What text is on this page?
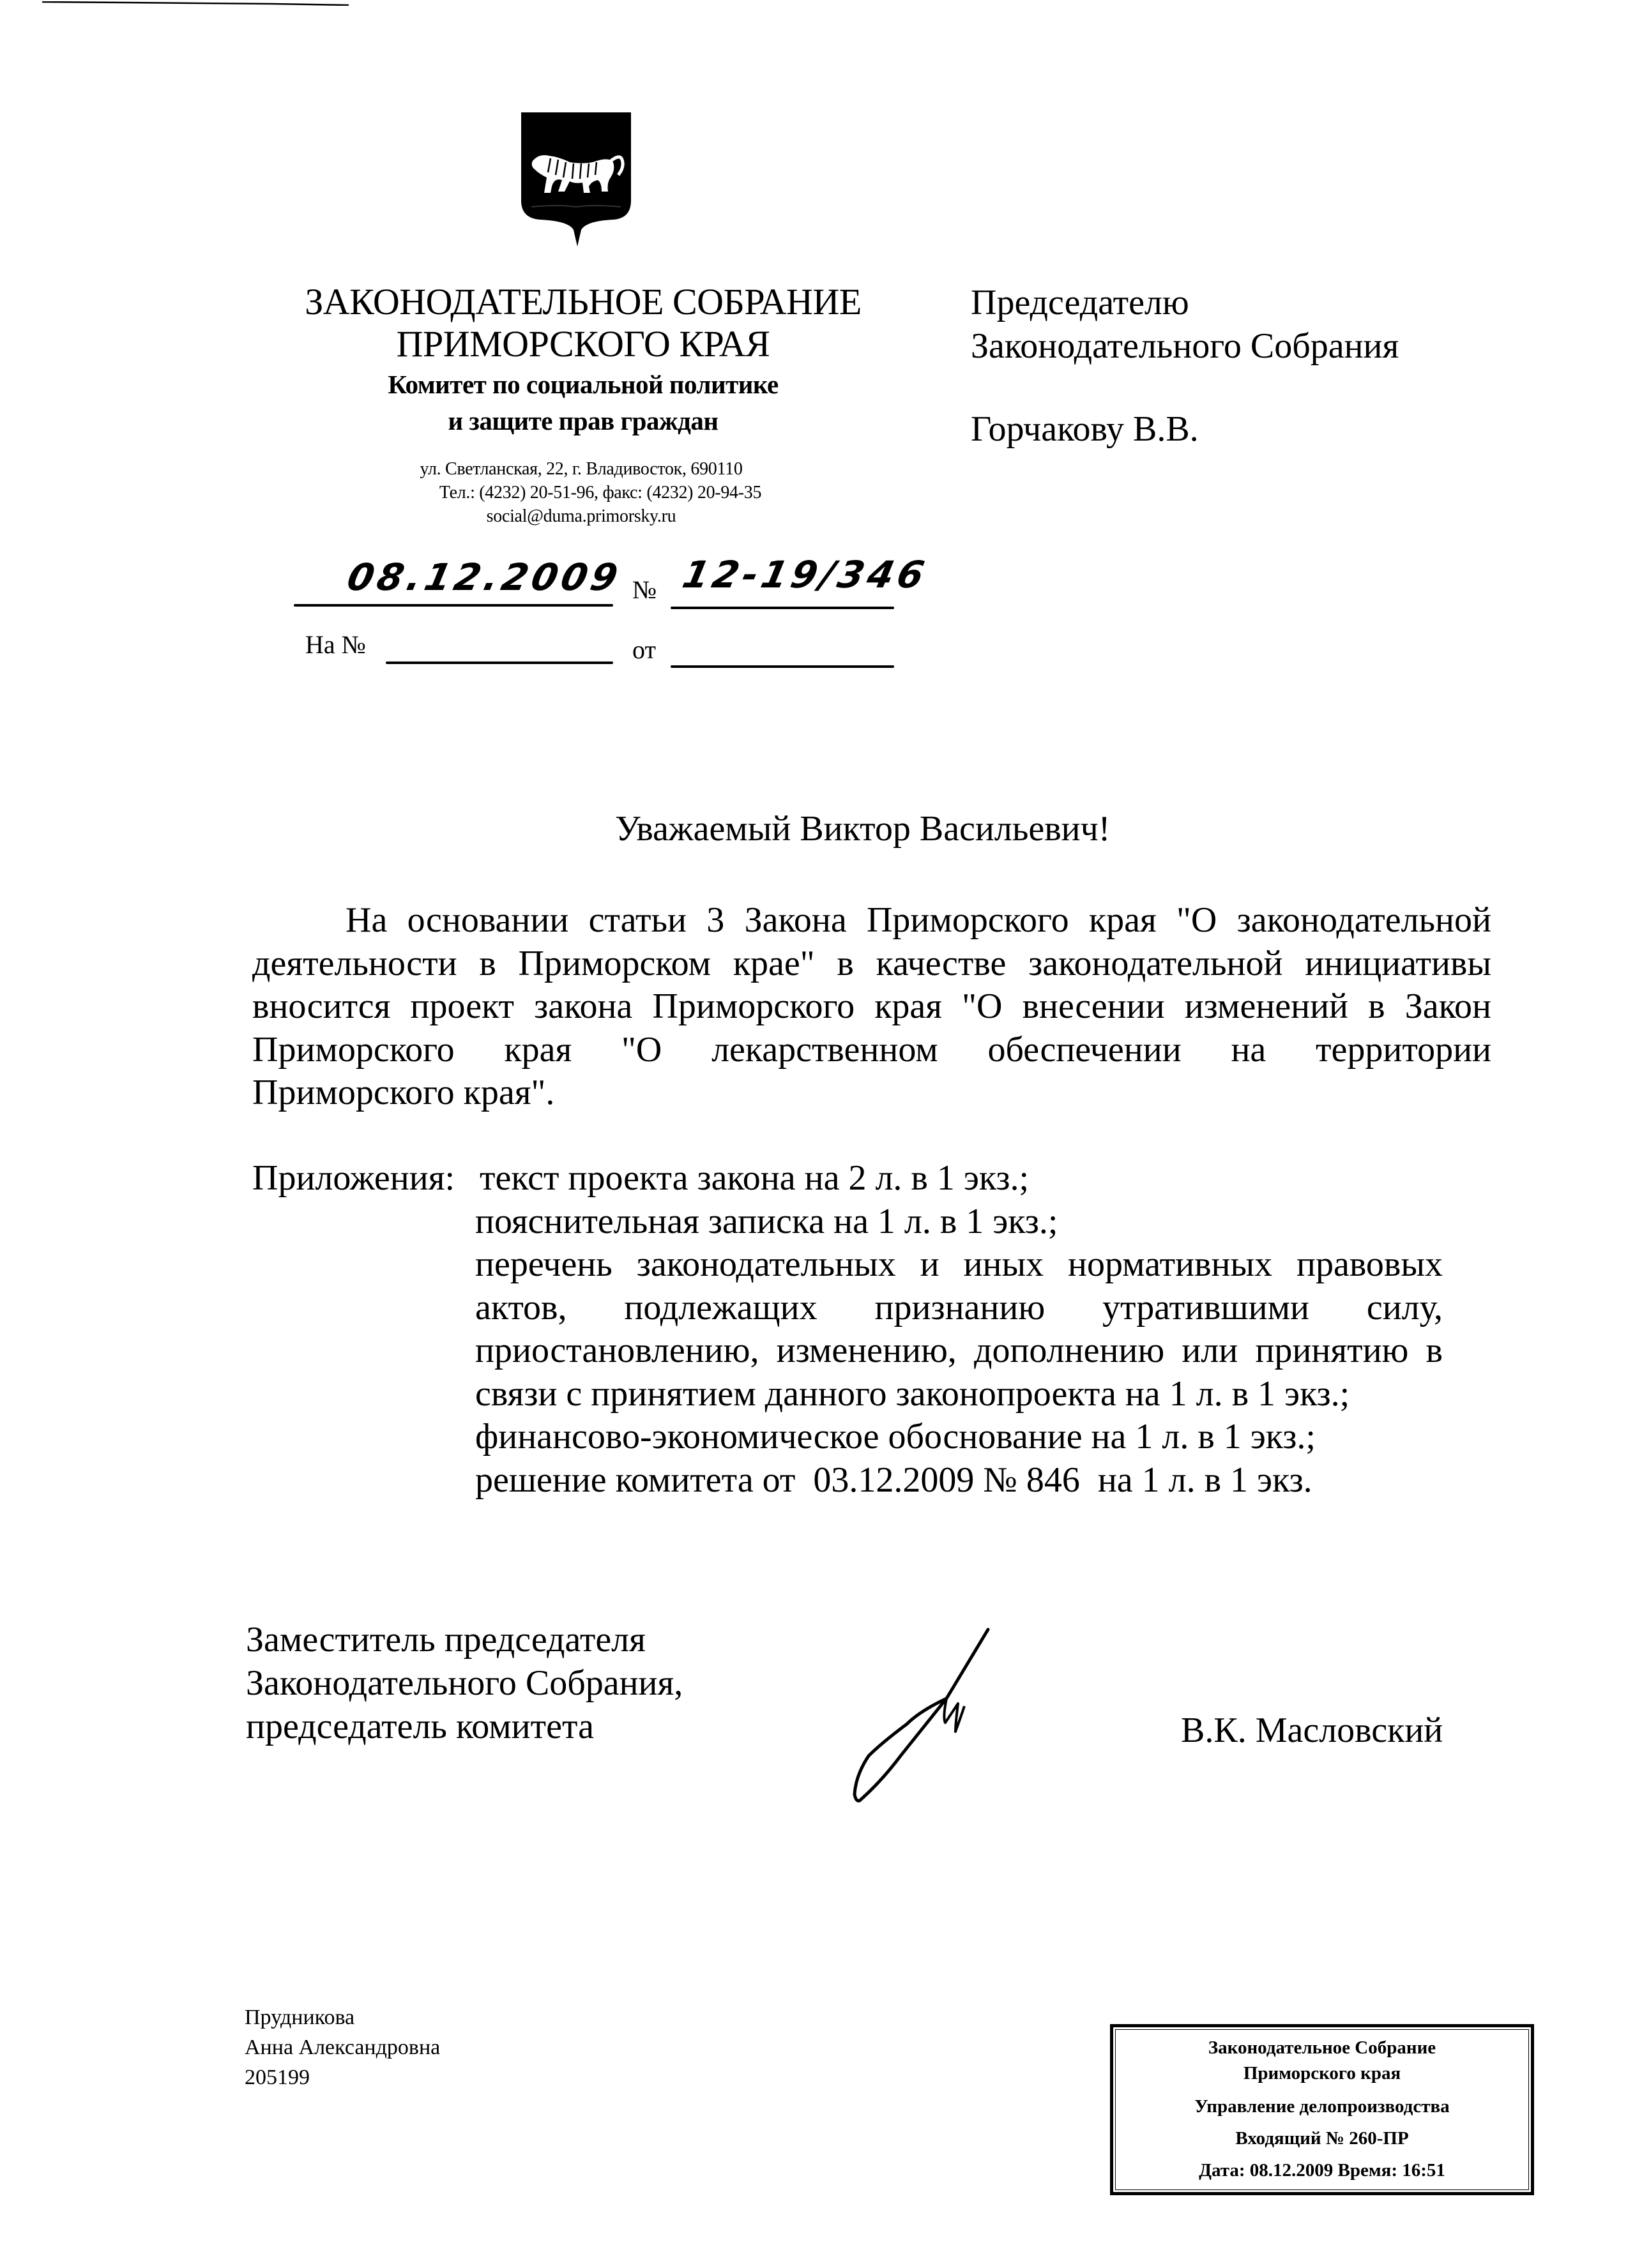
ЗАКОНОДАТЕЛЬНОЕ СОБРАНИЕ
ПРИМОРСКОГО КРАЯ
Комитет по социальной политике
и защите прав граждан
ул. Светланская, 22, г. Владивосток, 690110
Тел.: (4232) 20-51-96, факс: (4232) 20-94-35
social@duma.primorsky.ru
Председателю
Законодательного Собрания
Горчакову В.В.
08.12.2009 № 12-19/346
На №	от
Уважаемый Виктор Васильевич!
На основании статьи 3 Закона Приморского края "О законодательной
деятельности в Приморском крае" в качестве законодательной инициативы
вносится проект закона Приморского края "О внесении изменений в Закон
Приморского края "О лекарственном обеспечении на территории
Приморского края".
Приложения: текст проекта закона на 2 л. в 1 экз.;
пояснительная записка на 1 л. в 1 экз.;
перечень законодательных и иных нормативных правовых
актов, подлежащих признанию утратившими силу,
приостановлению, изменению, дополнению или принятию в
связи с принятием данного законопроекта на 1 л. в 1 экз.;
финансово-экономическое обоснование на 1 л. в 1 экз.;
решение комитета от  03.12.2009 № 846  на 1 л. в 1 экз.
Заместитель председателя
Законодательного Собрания,
председатель комитета	В.К. Масловский
Прудникова
Анна Александровна
205199
Законодательное Собрание
Приморского края
Управление делопроизводства
Входящий № 260-ПР
Дата: 08.12.2009 Время: 16:51
